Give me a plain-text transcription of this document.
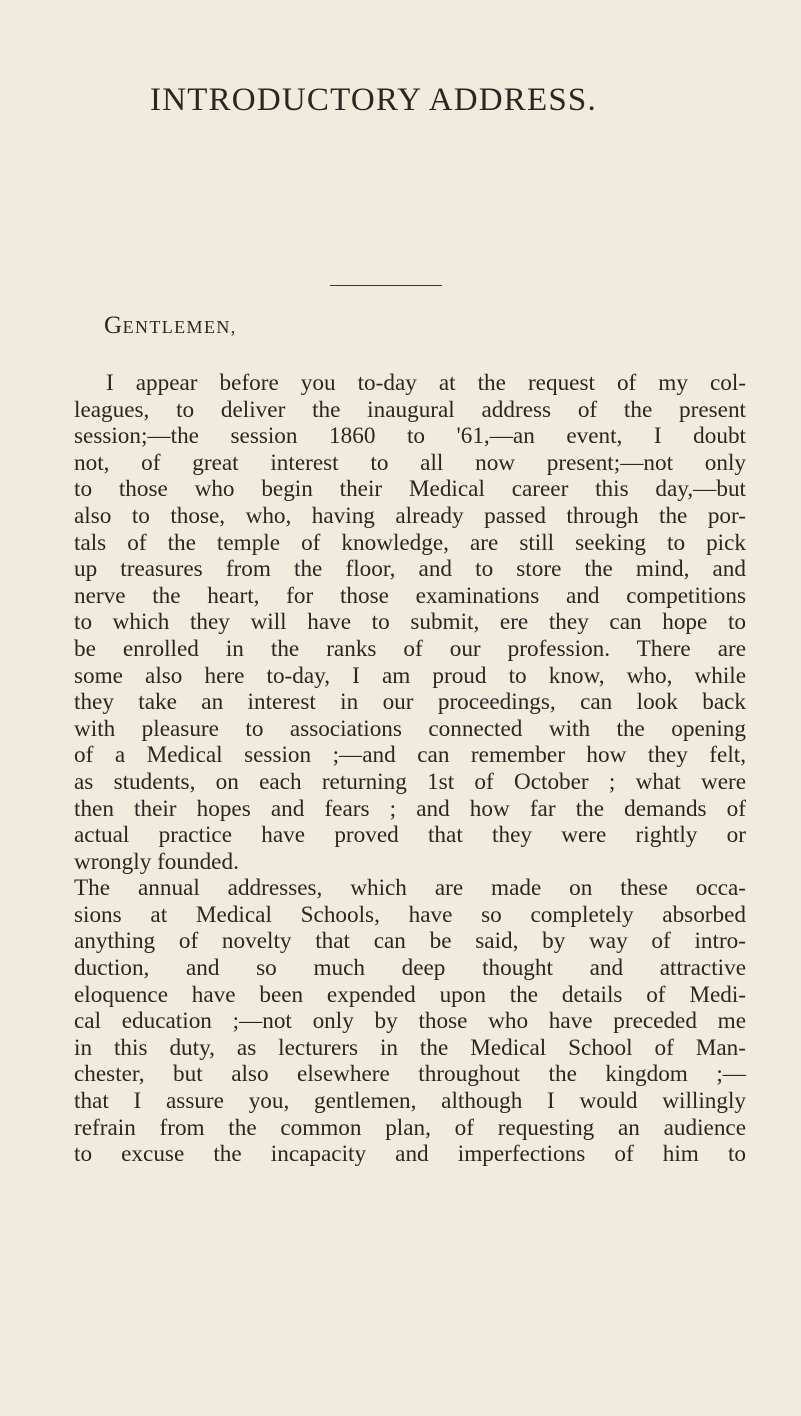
INTRODUCTORY ADDRESS.

GENTLEMEN,

I appear before you to-day at the request of my col-
leagues, to deliver the inaugural address of the present
session;—the session 1860 to '61,—an event, I doubt
not, of great interest to all now present;—not only
to those who begin their Medical career this day,—but
also to those, who, having already passed through the por-
tals of the temple of knowledge, are still seeking to pick
up treasures from the floor, and to store the mind, and
nerve the heart, for those examinations and competitions
to which they will have to submit, ere they can hope to
be enrolled in the ranks of our profession. There are
some also here to-day, I am proud to know, who, while
they take an interest in our proceedings, can look back
with pleasure to associations connected with the opening
of a Medical session ;—and can remember how they felt,
as students, on each returning 1st of October ; what were
then their hopes and fears ; and how far the demands of
actual practice have proved that they were rightly or
wrongly founded.
The annual addresses, which are made on these occa-
sions at Medical Schools, have so completely absorbed
anything of novelty that can be said, by way of intro-
duction, and so much deep thought and attractive
eloquence have been expended upon the details of Medi-
cal education ;—not only by those who have preceded me
in this duty, as lecturers in the Medical School of Man-
chester, but also elsewhere throughout the kingdom ;—
that I assure you, gentlemen, although I would willingly
refrain from the common plan, of requesting an audience
to excuse the incapacity and imperfections of him to
